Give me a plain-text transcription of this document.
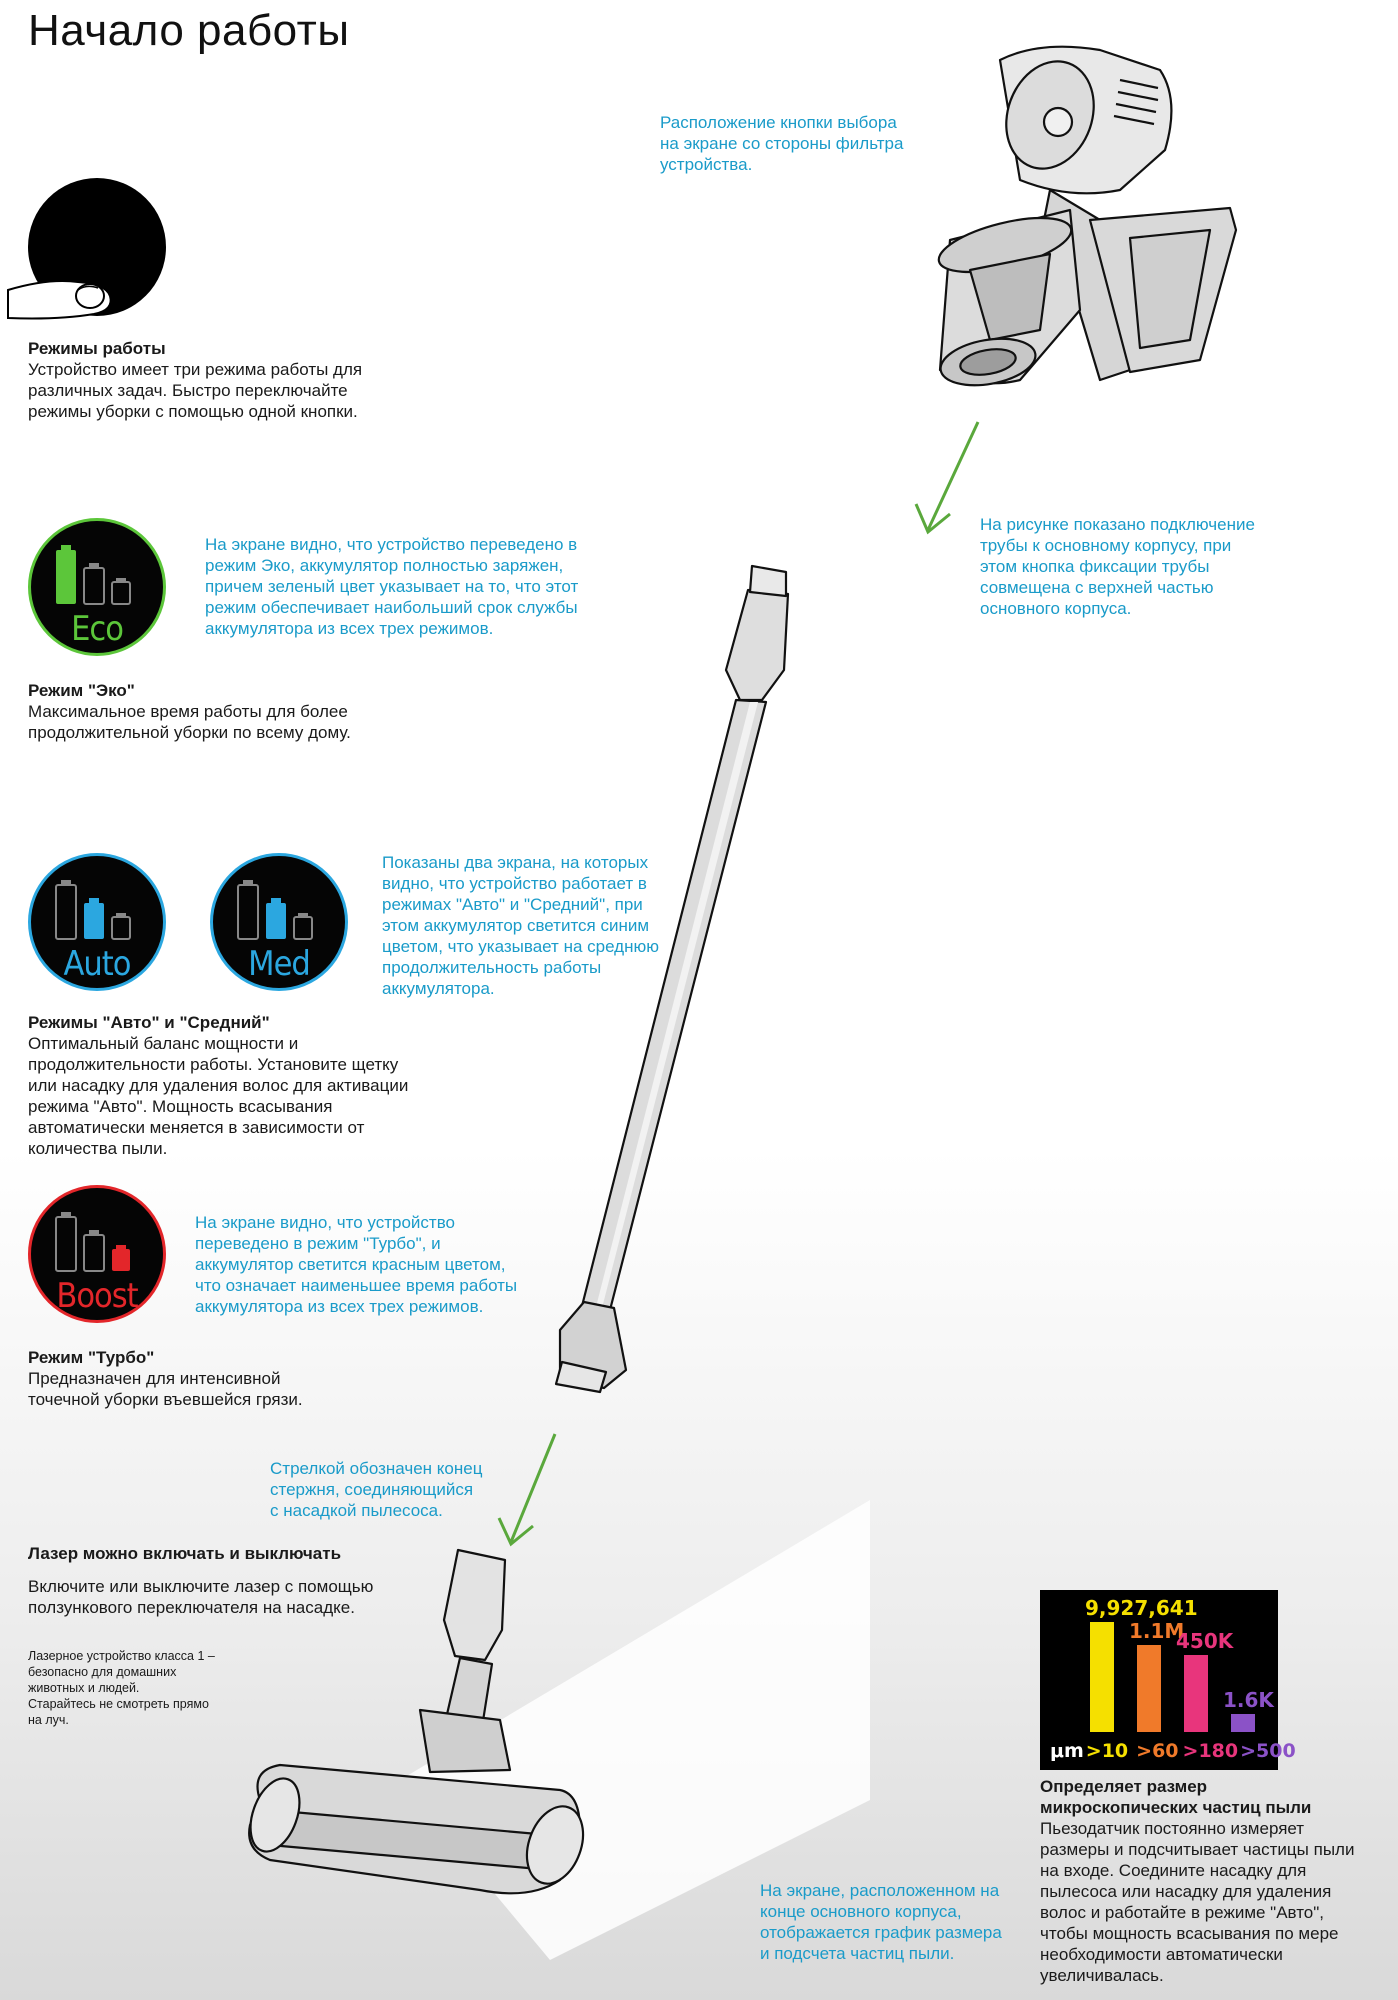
Начало работы

Режимы работы

Устройство имеет три режима работы для

различных задач. Быстро переключайте

режимы уборки с помощью одной кнопки.

Eco
На экране видно, что устройство переведено в
режим Эко, аккумулятор полностью заряжен,
причем зеленый цвет указывает на то, что этот
режим обеспечивает наибольший срок службы
аккумулятора из всех трех режимов.

Режим "Эко"

Максимальное время работы для более

продолжительной уборки по всему дому.

Auto	Med
Показаны два экрана, на которых
видно, что устройство работает в
режимах "Авто" и "Средний", при
этом аккумулятор светится синим
цветом, что указывает на среднюю
продолжительность работы
аккумулятора.

Режимы "Авто" и "Средний"

Оптимальный баланс мощности и

продолжительности работы. Установите щетку

или насадку для удаления волос для активации

режима "Авто". Мощность всасывания

автоматически меняется в зависимости от

количества пыли.

Boost
На экране видно, что устройство
переведено в режим "Турбо", и
аккумулятор светится красным цветом,
что означает наименьшее время работы
аккумулятора из всех трех режимов.

Режим "Турбо"

Предназначен для интенсивной

точечной уборки въевшейся грязи.

Расположение кнопки выбора
на экране со стороны фильтра
устройства.
На рисунке показано подключение
трубы к основному корпусу, при
этом кнопка фиксации трубы
совмещена с верхней частью
основного корпуса.
Стрелкой обозначен конец
стержня, соединяющийся
с насадкой пылесоса.

Лазер можно включать и выключать

Включите или выключите лазер с помощью

ползункового переключателя на насадке.

Лазерное устройство класса 1 –
безопасно для домашних
животных и людей.
Старайтесь не смотреть прямо
на луч.
На экране, расположенном на
конце основного корпуса,
отображается график размера
и подсчета частиц пыли.
9,927,641
1.1M
450K
1.6K
μm >10 >60 >180 >500

Определяет размер

микроскопических частиц пыли

Пьезодатчик постоянно измеряет

размеры и подсчитывает частицы пыли

на входе. Соедините насадку для

пылесоса или насадку для удаления

волос и работайте в режиме "Авто",

чтобы мощность всасывания по мере

необходимости автоматически

увеличивалась.
